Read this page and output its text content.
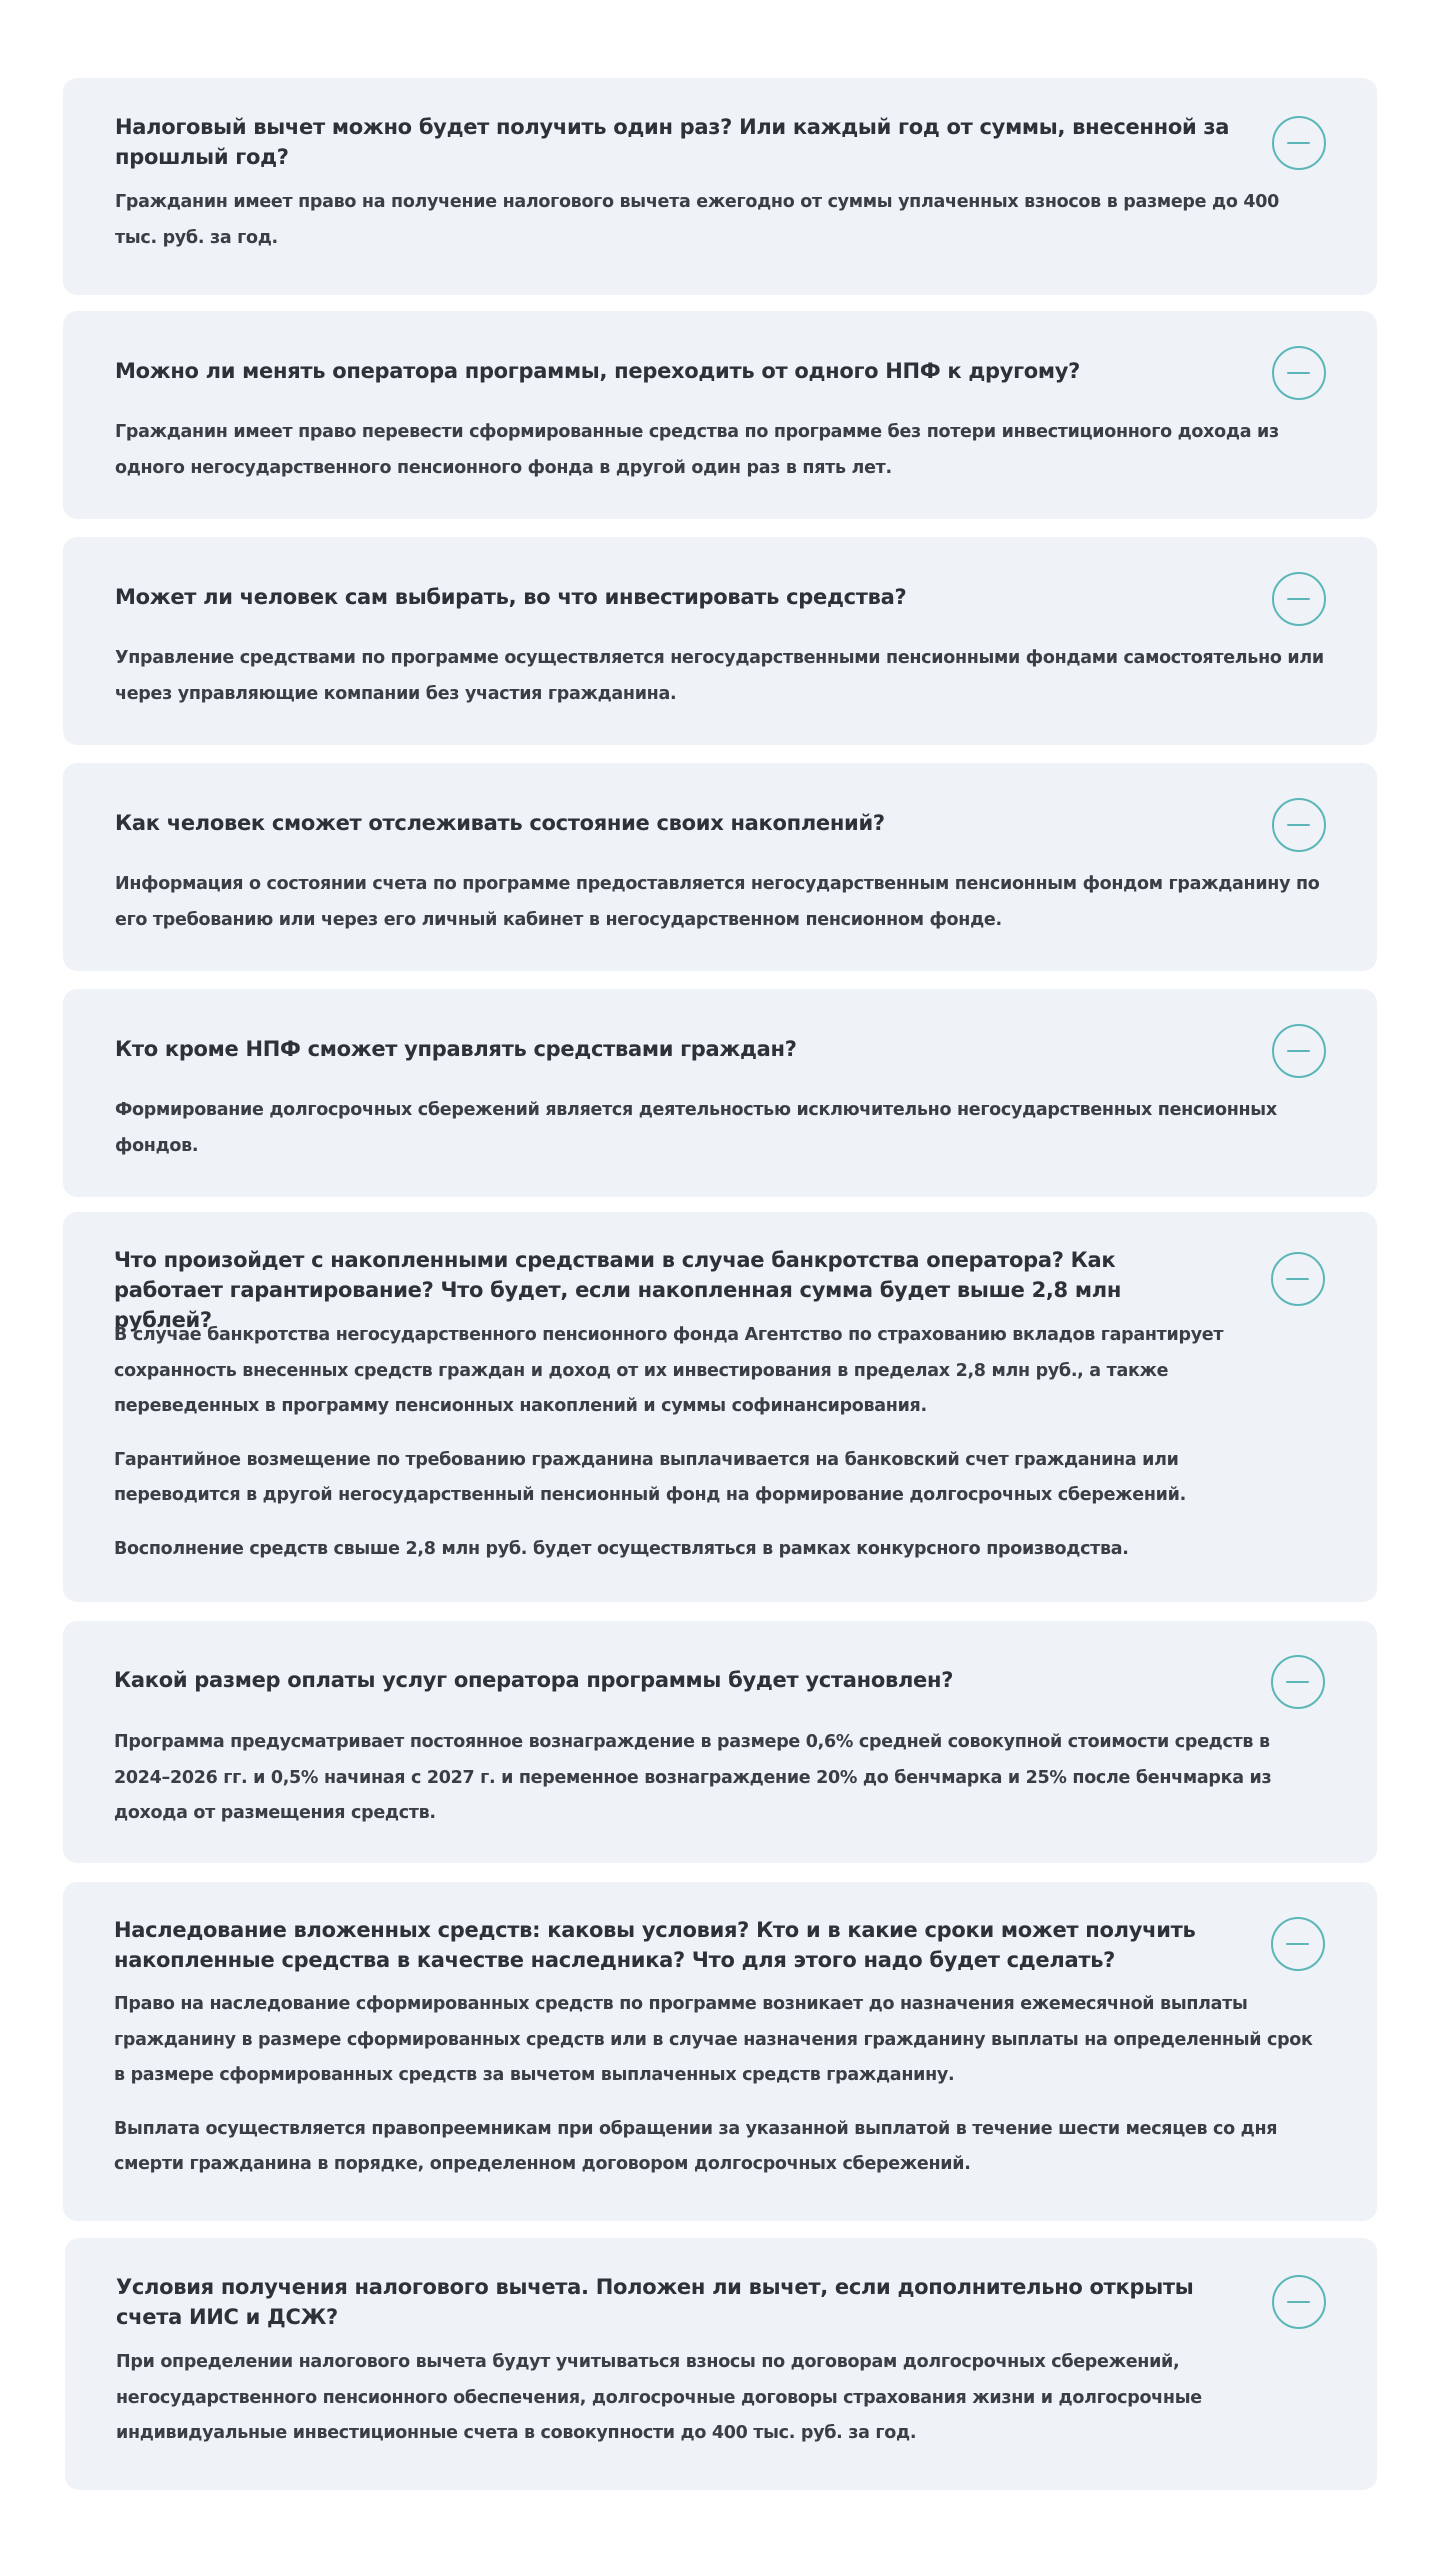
Налоговый вычет можно будет получить один раз? Или каждый год от суммы, внесенной за прошлый год?

Гражданин имеет право на получение налогового вычета ежегодно от суммы уплаченных взносов в размере до 400 тыс. руб. за год.

Можно ли менять оператора программы, переходить от одного НПФ к другому?

Гражданин имеет право перевести сформированные средства по программе без потери инвестиционного дохода из одного негосударственного пенсионного фонда в другой один раз в пять лет.

Может ли человек сам выбирать, во что инвестировать средства?

Управление средствами по программе осуществляется негосударственными пенсионными фондами самостоятельно или через управляющие компании без участия гражданина.

Как человек сможет отслеживать состояние своих накоплений?

Информация о состоянии счета по программе предоставляется негосударственным пенсионным фондом гражданину по его требованию или через его личный кабинет в негосударственном пенсионном фонде.

Кто кроме НПФ сможет управлять средствами граждан?

Формирование долгосрочных сбережений является деятельностью исключительно негосударственных пенсионных фондов.

Что произойдет с накопленными средствами в случае банкротства оператора? Как работает гарантирование? Что будет, если накопленная сумма будет выше 2,8 млн рублей?

В случае банкротства негосударственного пенсионного фонда Агентство по страхованию вкладов гарантирует сохранность внесенных средств граждан и доход от их инвестирования в пределах 2,8 млн руб., а также переведенных в программу пенсионных накоплений и суммы софинансирования.

Гарантийное возмещение по требованию гражданина выплачивается на банковский счет гражданина или переводится в другой негосударственный пенсионный фонд на формирование долгосрочных сбережений.

Восполнение средств свыше 2,8 млн руб. будет осуществляться в рамках конкурсного производства.

Какой размер оплаты услуг оператора программы будет установлен?

Программа предусматривает постоянное вознаграждение в размере 0,6% средней совокупной стоимости средств в 2024–2026 гг. и 0,5% начиная с 2027 г. и переменное вознаграждение 20% до бенчмарка и 25% после бенчмарка из дохода от размещения средств.

Наследование вложенных средств: каковы условия? Кто и в какие сроки может получить накопленные средства в качестве наследника? Что для этого надо будет сделать?

Право на наследование сформированных средств по программе возникает до назначения ежемесячной выплаты гражданину в размере сформированных средств или в случае назначения гражданину выплаты на определенный срок в размере сформированных средств за вычетом выплаченных средств гражданину.

Выплата осуществляется правопреемникам при обращении за указанной выплатой в течение шести месяцев со дня смерти гражданина в порядке, определенном договором долгосрочных сбережений.

Условия получения налогового вычета. Положен ли вычет, если дополнительно открыты счета ИИС и ДСЖ?

При определении налогового вычета будут учитываться взносы по договорам долгосрочных сбережений, негосударственного пенсионного обеспечения, долгосрочные договоры страхования жизни и долгосрочные индивидуальные инвестиционные счета в совокупности до 400 тыс. руб. за год.
